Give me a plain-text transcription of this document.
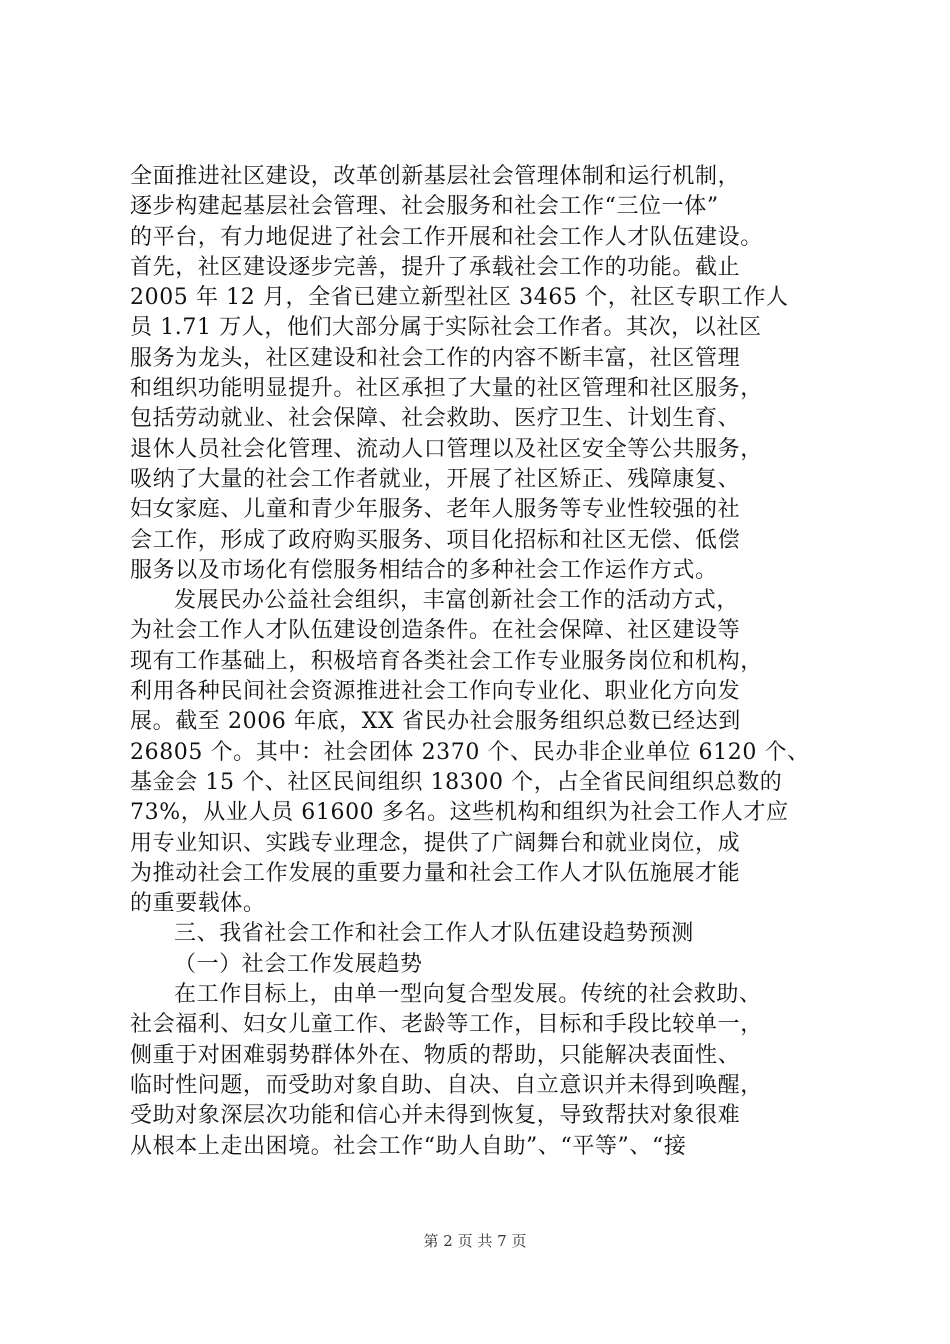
全面推进社区建设，改革创新基层社会管理体制和运行机制，
逐步构建起基层社会管理、社会服务和社会工作“三位一体”
的平台，有力地促进了社会工作开展和社会工作人才队伍建设。
首先，社区建设逐步完善，提升了承载社会工作的功能。截止
2005 年 12 月，全省已建立新型社区 3465 个，社区专职工作人
员 1.71 万人，他们大部分属于实际社会工作者。其次，以社区
服务为龙头，社区建设和社会工作的内容不断丰富，社区管理
和组织功能明显提升。社区承担了大量的社区管理和社区服务，
包括劳动就业、社会保障、社会救助、医疗卫生、计划生育、
退休人员社会化管理、流动人口管理以及社区安全等公共服务，
吸纳了大量的社会工作者就业，开展了社区矫正、残障康复、
妇女家庭、儿童和青少年服务、老年人服务等专业性较强的社
会工作，形成了政府购买服务、项目化招标和社区无偿、低偿
服务以及市场化有偿服务相结合的多种社会工作运作方式。
发展民办公益社会组织，丰富创新社会工作的活动方式，
为社会工作人才队伍建设创造条件。在社会保障、社区建设等
现有工作基础上，积极培育各类社会工作专业服务岗位和机构，
利用各种民间社会资源推进社会工作向专业化、职业化方向发
展。截至 2006 年底，XX 省民办社会服务组织总数已经达到
26805 个。其中：社会团体 2370 个、民办非企业单位 6120 个、
基金会 15 个、社区民间组织 18300 个，占全省民间组织总数的
73%，从业人员 61600 多名。这些机构和组织为社会工作人才应
用专业知识、实践专业理念，提供了广阔舞台和就业岗位，成
为推动社会工作发展的重要力量和社会工作人才队伍施展才能
的重要载体。
三、我省社会工作和社会工作人才队伍建设趋势预测
（一）社会工作发展趋势
在工作目标上，由单一型向复合型发展。传统的社会救助、
社会福利、妇女儿童工作、老龄等工作，目标和手段比较单一，
侧重于对困难弱势群体外在、物质的帮助，只能解决表面性、
临时性问题，而受助对象自助、自决、自立意识并未得到唤醒，
受助对象深层次功能和信心并未得到恢复，导致帮扶对象很难
从根本上走出困境。社会工作“助人自助”、“平等”、“接
第 2 页 共 7 页
